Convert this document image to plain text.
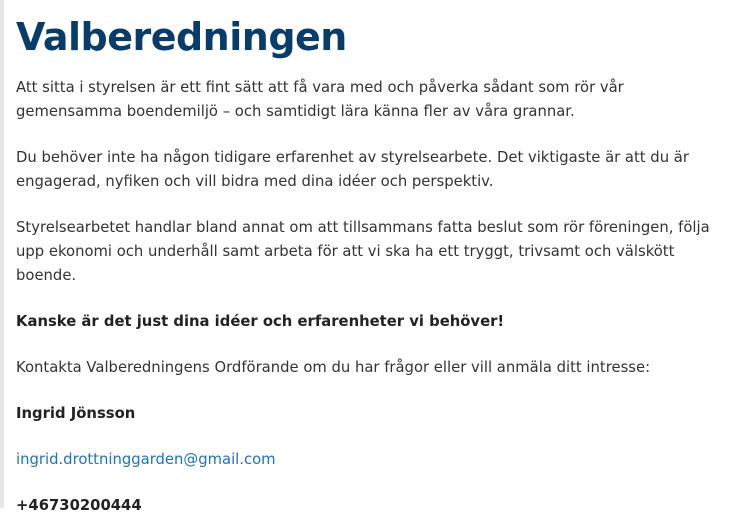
Valberedningen

Att sitta i styrelsen är ett fint sätt att få vara med och påverka sådant som rör vår gemensamma boendemiljö – och samtidigt lära känna fler av våra grannar.

Du behöver inte ha någon tidigare erfarenhet av styrelsearbete. Det viktigaste är att du är engagerad, nyfiken och vill bidra med dina idéer och perspektiv.

Styrelsearbetet handlar bland annat om att tillsammans fatta beslut som rör föreningen, följa upp ekonomi och underhåll samt arbeta för att vi ska ha ett tryggt, trivsamt och välskött boende.

Kanske är det just dina idéer och erfarenheter vi behöver!

Kontakta Valberedningens Ordförande om du har frågor eller vill anmäla ditt intresse:

Ingrid Jönsson

ingrid.drottninggarden@gmail.com

+46730200444
